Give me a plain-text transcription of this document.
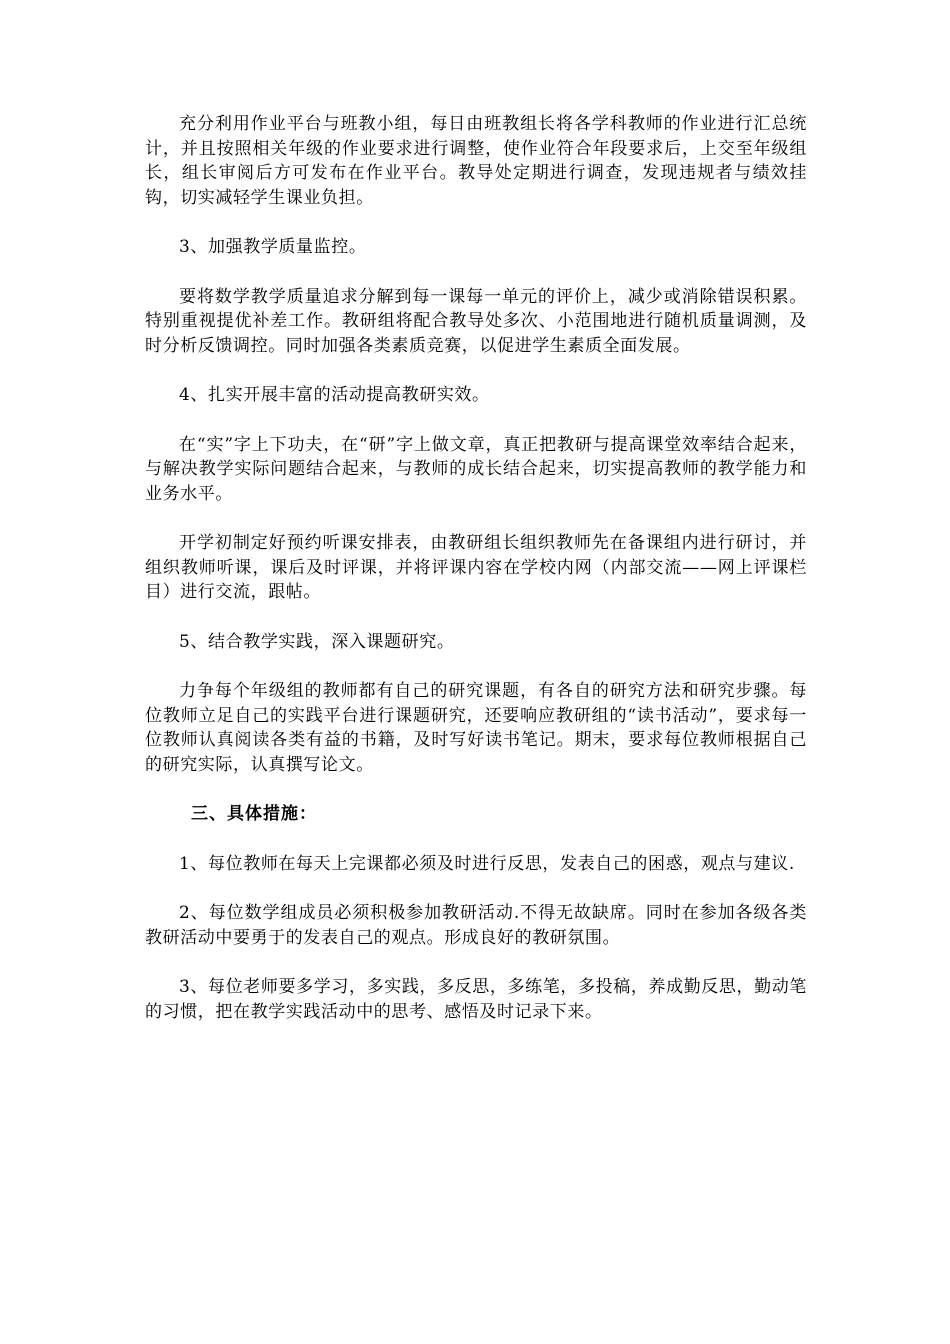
充分利用作业平台与班教小组，每日由班教组长将各学科教师的作业进行汇总统计，并且按照相关年级的作业要求进行调整，使作业符合年段要求后，上交至年级组长，组长审阅后方可发布在作业平台。教导处定期进行调查，发现违规者与绩效挂钩，切实减轻学生课业负担。

3、加强教学质量监控。

要将数学教学质量追求分解到每一课每一单元的评价上，减少或消除错误积累。特别重视提优补差工作。教研组将配合教导处多次、小范围地进行随机质量调测，及时分析反馈调控。同时加强各类素质竞赛，以促进学生素质全面发展。

4、扎实开展丰富的活动提高教研实效。

在“实”字上下功夫，在“研”字上做文章，真正把教研与提高课堂效率结合起来，与解决教学实际问题结合起来，与教师的成长结合起来，切实提高教师的教学能力和业务水平。

开学初制定好预约听课安排表，由教研组长组织教师先在备课组内进行研讨，并组织教师听课，课后及时评课，并将评课内容在学校内网（内部交流——网上评课栏目）进行交流，跟帖。

5、结合教学实践，深入课题研究。

力争每个年级组的教师都有自己的研究课题，有各自的研究方法和研究步骤。每位教师立足自己的实践平台进行课题研究，还要响应教研组的“读书活动”，要求每一位教师认真阅读各类有益的书籍，及时写好读书笔记。期末，要求每位教师根据自己的研究实际，认真撰写论文。

三、具体措施：

1、每位教师在每天上完课都必须及时进行反思，发表自己的困惑，观点与建议.

2、每位数学组成员必须积极参加教研活动.不得无故缺席。同时在参加各级各类教研活动中要勇于的发表自己的观点。形成良好的教研氛围。

3、每位老师要多学习，多实践，多反思，多练笔，多投稿，养成勤反思，勤动笔的习惯，把在教学实践活动中的思考、感悟及时记录下来。
